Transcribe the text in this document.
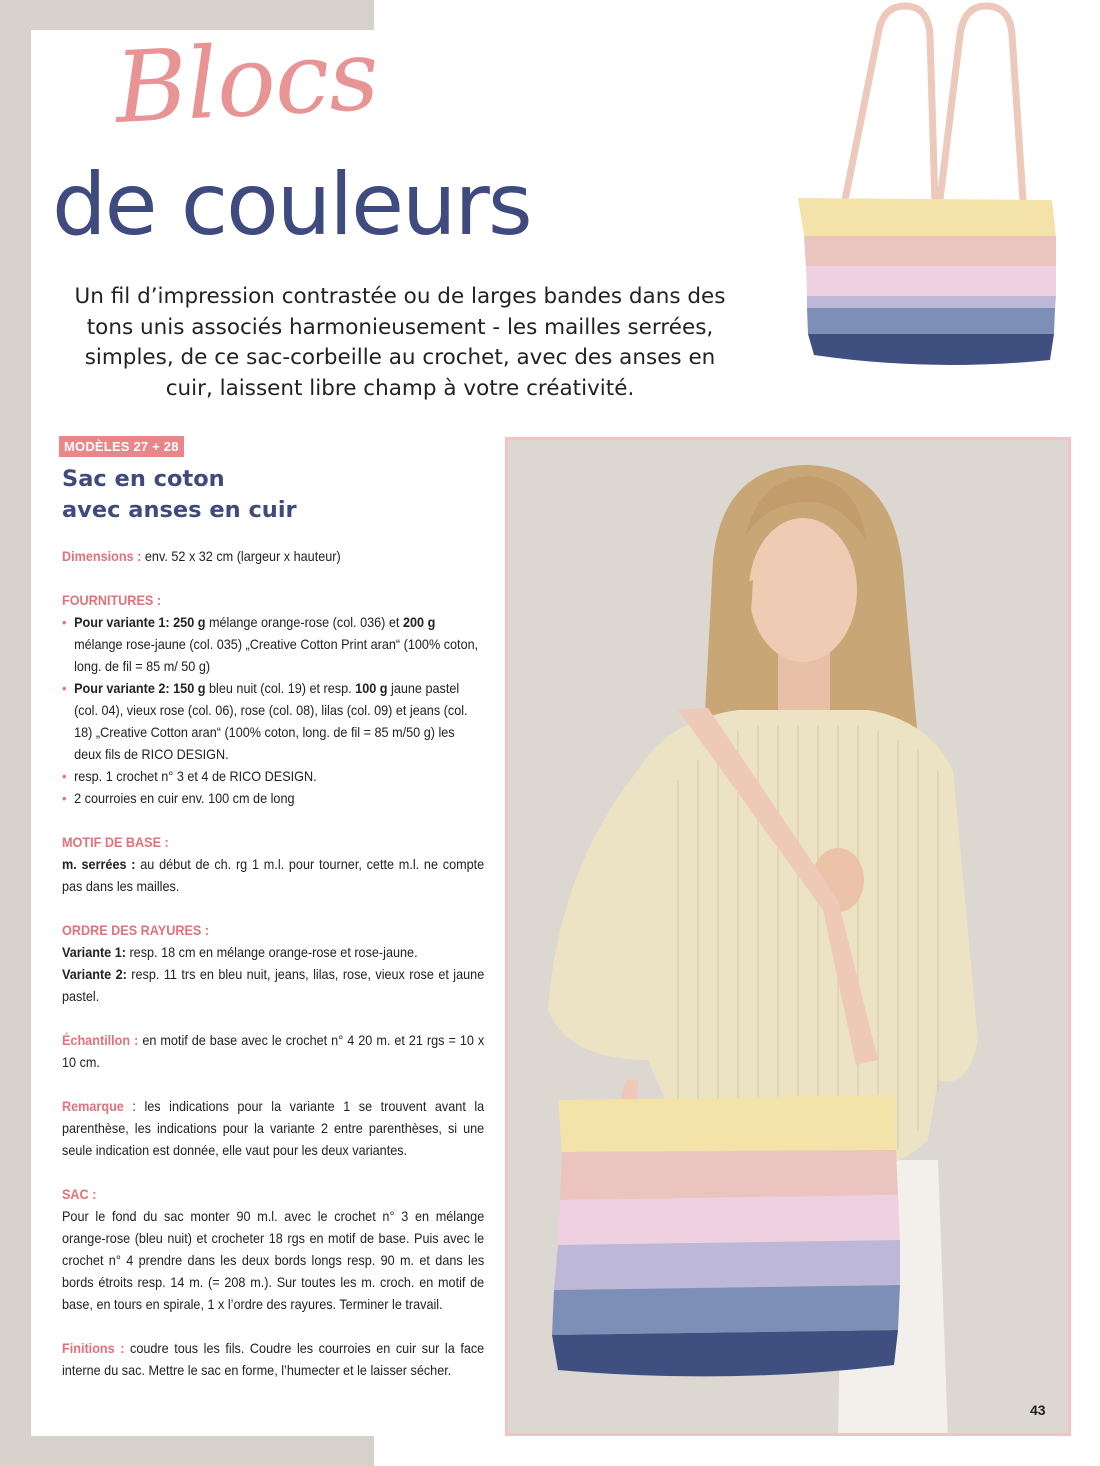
Blocs
de couleurs

Un fil d’impression contrastée ou de larges bandes dans des tons unis associés harmonieusement - les mailles serrées, simples, de ce sac-corbeille au crochet, avec des anses en cuir, laissent libre champ à votre créativité.

MODÈLES 27 + 28
Sac en coton
avec anses en cuir
Dimensions : env. 52 x 32 cm (largeur x hauteur)
FOURNITURES :
• Pour variante 1: 250 g mélange orange-rose (col. 036) et 200 g mélange rose-jaune (col. 035) „Creative Cotton Print aran“ (100% coton, long. de fil = 85 m/ 50 g)
• Pour variante 2: 150 g bleu nuit (col. 19) et resp. 100 g jaune pastel (col. 04), vieux rose (col. 06), rose (col. 08), lilas (col. 09) et jeans (col. 18) „Creative Cotton aran“ (100% coton, long. de fil = 85 m/50 g) les deux fils de RICO DESIGN.
• resp. 1 crochet n° 3 et 4 de RICO DESIGN.
• 2 courroies en cuir env. 100 cm de long
MOTIF DE BASE :

m. serrées : au début de ch. rg 1 m.l. pour tourner, cette m.l. ne compte pas dans les mailles.

ORDRE DES RAYURES :

Variante 1: resp. 18 cm en mélange orange-rose et rose-jaune.

Variante 2: resp. 11 trs en bleu nuit, jeans, lilas, rose, vieux rose et jaune pastel.

Échantillon : en motif de base avec le crochet n° 4 20 m. et 21 rgs = 10 x 10 cm.

Remarque : les indications pour la variante 1 se trouvent avant la parenthèse, les indications pour la variante 2 entre parenthèses, si une seule indication est donnée, elle vaut pour les deux variantes.

SAC :

Pour le fond du sac monter 90 m.l. avec le crochet n° 3 en mélange orange-rose (bleu nuit) et crocheter 18 rgs en motif de base. Puis avec le crochet n° 4 prendre dans les deux bords longs resp. 90 m. et dans les bords étroits resp. 14 m. (= 208 m.). Sur toutes les m. croch. en motif de base, en tours en spirale, 1 x l’ordre des rayures. Terminer le travail.

Finitions : coudre tous les fils. Coudre les courroies en cuir sur la face interne du sac. Mettre le sac en forme, l’humecter et le laisser sécher.

43
